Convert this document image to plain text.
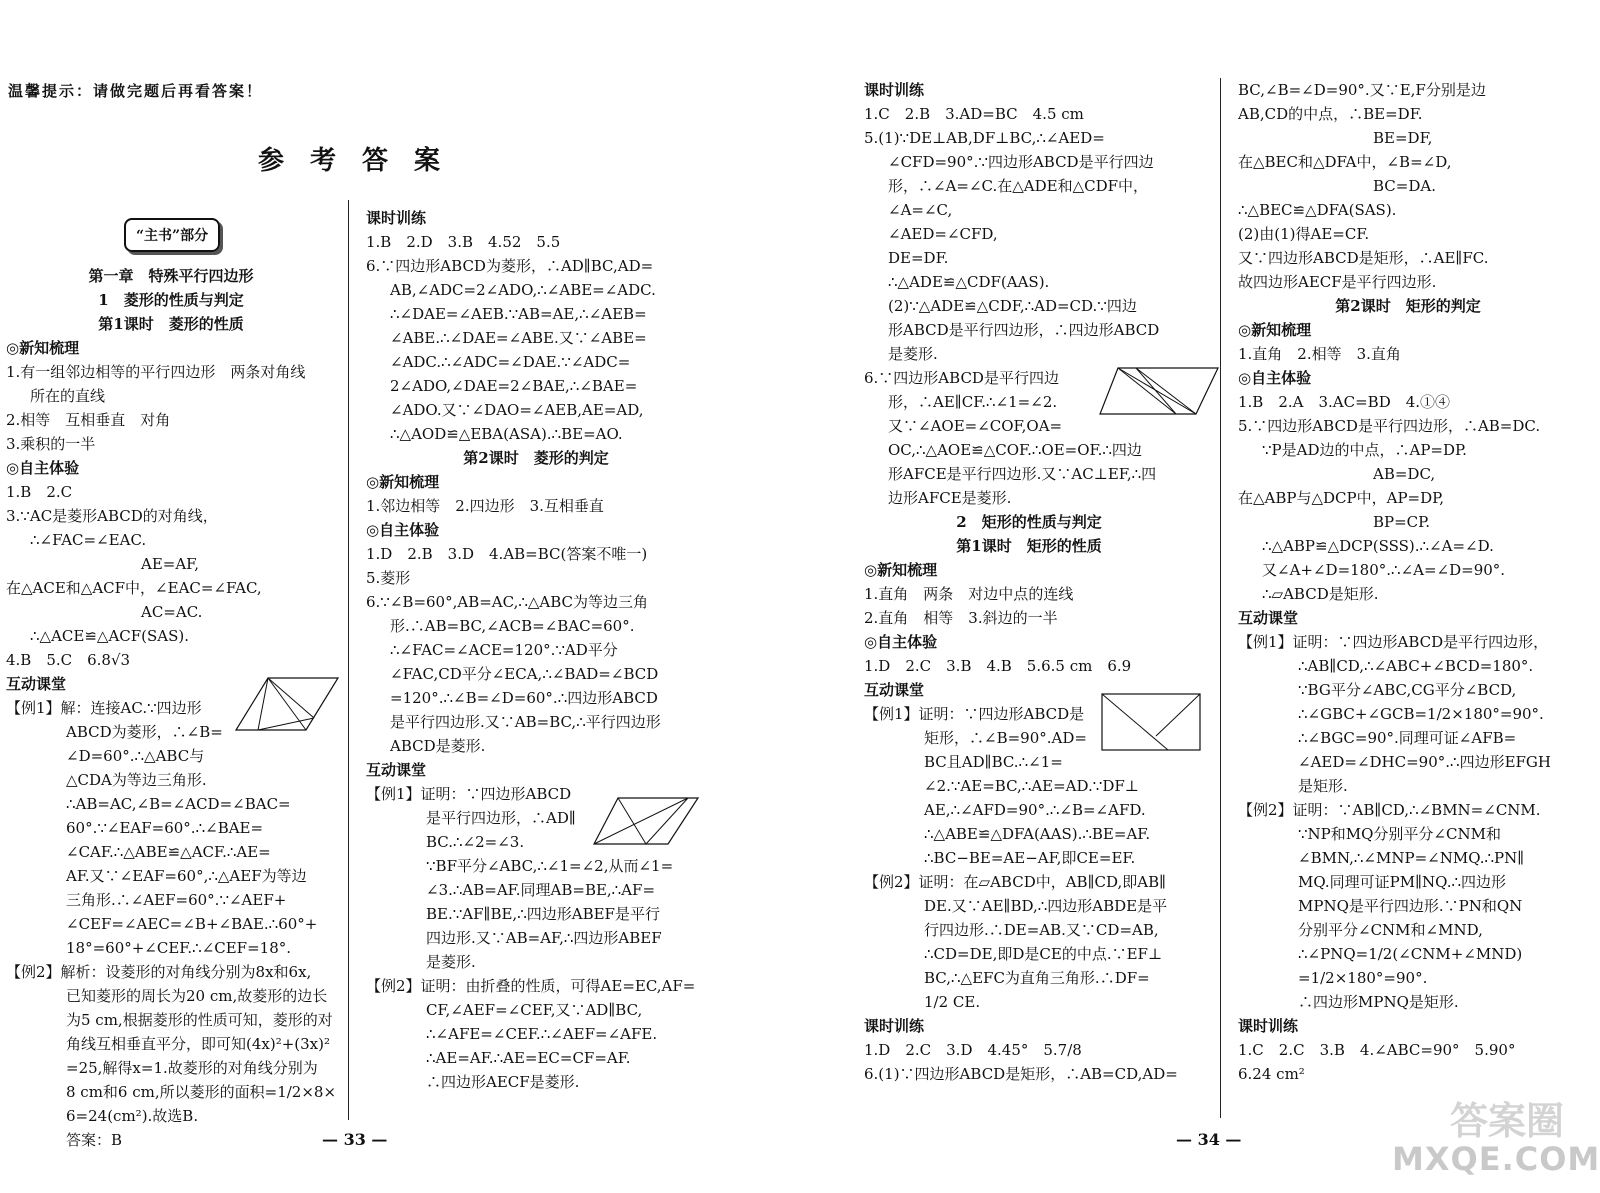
温馨提示：请做完题后再看答案！
参考答案
“主书”部分
第一章　特殊平行四边形
1　菱形的性质与判定
第1课时　菱形的性质
◎新知梳理
1.有一组邻边相等的平行四边形　两条对角线
所在的直线
2.相等　互相垂直　对角
3.乘积的一半
◎自主体验
1.B　2.C
3.∵AC是菱形ABCD的对角线，
∴∠FAC=∠EAC.
　　　　　　　　　AE=AF,
在△ACE和△ACF中，∠EAC=∠FAC,
　　　　　　　　　AC=AC.
∴△ACE≌△ACF(SAS).
4.B　5.C　6.8√3
互动课堂
【例1】解：连接AC.∵四边形
ABCD为菱形，∴∠B=
∠D=60°.∴△ABC与
△CDA为等边三角形.
∴AB=AC,∠B=∠ACD=∠BAC=
60°.∵∠EAF=60°.∴∠BAE=
∠CAF.∴△ABE≌△ACF.∴AE=
AF.又∵∠EAF=60°,∴△AEF为等边
三角形.∴∠AEF=60°.∵∠AEF+
∠CEF=∠AEC=∠B+∠BAE.∴60°+
18°=60°+∠CEF.∴∠CEF=18°.
【例2】解析：设菱形的对角线分别为8x和6x,
已知菱形的周长为20 cm,故菱形的边长
为5 cm,根据菱形的性质可知，菱形的对
角线互相垂直平分，即可知(4x)²+(3x)²
=25,解得x=1.故菱形的对角线分别为
8 cm和6 cm,所以菱形的面积=1/2×8×
6=24(cm²).故选B.
答案：B
课时训练
1.B　2.D　3.B　4.52　5.5
6.∵四边形ABCD为菱形，∴AD∥BC,AD=
AB,∠ADC=2∠ADO,∴∠ABE=∠ADC.
∴∠DAE=∠AEB.∵AB=AE,∴∠AEB=
∠ABE.∴∠DAE=∠ABE.又∵∠ABE=
∠ADC.∴∠ADC=∠DAE.∵∠ADC=
2∠ADO,∠DAE=2∠BAE,∴∠BAE=
∠ADO.又∵∠DAO=∠AEB,AE=AD,
∴△AOD≌△EBA(ASA).∴BE=AO.
第2课时　菱形的判定
◎新知梳理
1.邻边相等　2.四边形　3.互相垂直
◎自主体验
1.D　2.B　3.D　4.AB=BC(答案不唯一)
5.菱形
6.∵∠B=60°,AB=AC,∴△ABC为等边三角
形.∴AB=BC,∠ACB=∠BAC=60°.
∴∠FAC=∠ACE=120°.∵AD平分
∠FAC,CD平分∠ECA,∴∠BAD=∠BCD
=120°.∴∠B=∠D=60°.∴四边形ABCD
是平行四边形.又∵AB=BC,∴平行四边形
ABCD是菱形.
互动课堂
【例1】证明：∵四边形ABCD
是平行四边形，∴AD∥
BC.∴∠2=∠3.
∵BF平分∠ABC,∴∠1=∠2,从而∠1=
∠3.∴AB=AF.同理AB=BE,∴AF=
BE.∵AF∥BE,∴四边形ABEF是平行
四边形.又∵AB=AF,∴四边形ABEF
是菱形.
【例2】证明：由折叠的性质，可得AE=EC,AF=
CF,∠AEF=∠CEF,又∵AD∥BC,
∴∠AFE=∠CEF.∴∠AEF=∠AFE.
∴AE=AF.∴AE=EC=CF=AF.
∴四边形AECF是菱形.
课时训练
1.C　2.B　3.AD=BC　4.5 cm
5.(1)∵DE⊥AB,DF⊥BC,∴∠AED=
∠CFD=90°.∵四边形ABCD是平行四边
形，∴∠A=∠C.在△ADE和△CDF中，
∠A=∠C,
∠AED=∠CFD,
DE=DF.
∴△ADE≌△CDF(AAS).
(2)∵△ADE≌△CDF,∴AD=CD.∵四边
形ABCD是平行四边形，∴四边形ABCD
是菱形.
6.∵四边形ABCD是平行四边
形，∴AE∥CF.∴∠1=∠2.
又∵∠AOE=∠COF,OA=
OC,∴△AOE≌△COF.∴OE=OF.∴四边
形AFCE是平行四边形.又∵AC⊥EF,∴四
边形AFCE是菱形.
2　矩形的性质与判定
第1课时　矩形的性质
◎新知梳理
1.直角　两条　对边中点的连线
2.直角　相等　3.斜边的一半
◎自主体验
1.D　2.C　3.B　4.B　5.6.5 cm　6.9
互动课堂
【例1】证明：∵四边形ABCD是
矩形，∴∠B=90°.AD=
BC且AD∥BC.∴∠1=
∠2.∵AE=BC,∴AE=AD.∵DF⊥
AE,∴∠AFD=90°.∴∠B=∠AFD.
∴△ABE≌△DFA(AAS).∴BE=AF.
∴BC−BE=AE−AF,即CE=EF.
【例2】证明：在▱ABCD中，AB∥CD,即AB∥
DE.又∵AE∥BD,∴四边形ABDE是平
行四边形.∴DE=AB.又∵CD=AB,
∴CD=DE,即D是CE的中点.∵EF⊥
BC,∴△EFC为直角三角形.∴DF=
1/2 CE.
课时训练
1.D　2.C　3.D　4.45°　5.7/8
6.(1)∵四边形ABCD是矩形，∴AB=CD,AD=
BC,∠B=∠D=90°.又∵E,F分别是边
AB,CD的中点，∴BE=DF.
　　　　　　　　　BE=DF,
在△BEC和△DFA中，∠B=∠D,
　　　　　　　　　BC=DA.
∴△BEC≌△DFA(SAS).
(2)由(1)得AE=CF.
又∵四边形ABCD是矩形，∴AE∥FC.
故四边形AECF是平行四边形.
第2课时　矩形的判定
◎新知梳理
1.直角　2.相等　3.直角
◎自主体验
1.B　2.A　3.AC=BD　4.①④
5.∵四边形ABCD是平行四边形，∴AB=DC.
∵P是AD边的中点，∴AP=DP.
　　　　　　　　　AB=DC,
在△ABP与△DCP中，AP=DP,
　　　　　　　　　BP=CP.
∴△ABP≌△DCP(SSS).∴∠A=∠D.
又∠A+∠D=180°.∴∠A=∠D=90°.
∴▱ABCD是矩形.
互动课堂
【例1】证明：∵四边形ABCD是平行四边形，
∴AB∥CD,∴∠ABC+∠BCD=180°.
∵BG平分∠ABC,CG平分∠BCD,
∴∠GBC+∠GCB=1/2×180°=90°.
∴∠BGC=90°.同理可证∠AFB=
∠AED=∠DHC=90°.∴四边形EFGH
是矩形.
【例2】证明：∵AB∥CD,∴∠BMN=∠CNM.
∵NP和MQ分别平分∠CNM和
∠BMN,∴∠MNP=∠NMQ.∴PN∥
MQ.同理可证PM∥NQ.∴四边形
MPNQ是平行四边形.∵PN和QN
分别平分∠CNM和∠MND,
∴∠PNQ=1/2(∠CNM+∠MND)
=1/2×180°=90°.
∴四边形MPNQ是矩形.
课时训练
1.C　2.C　3.B　4.∠ABC=90°　5.90°
6.24 cm²
— 33 —	— 34 —	答案圈
MXQE.COM
